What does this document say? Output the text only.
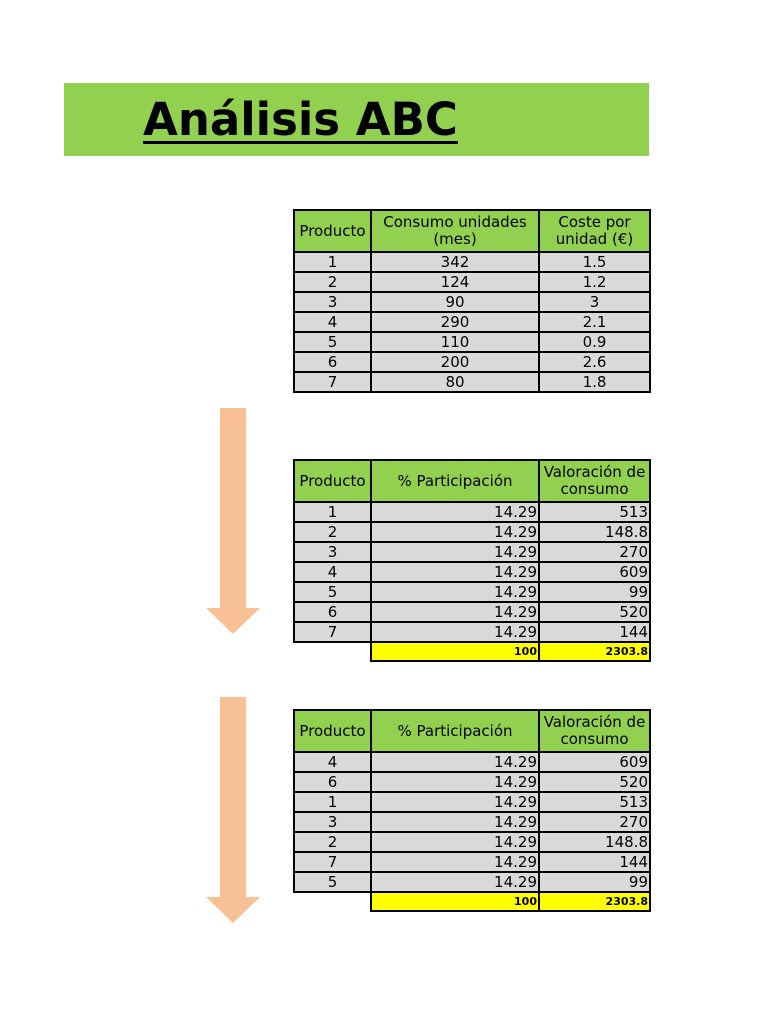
Análisis ABC
Producto	Consumo unidades (mes)	Coste por unidad (€)
1	342	1.5
2	124	1.2
3	90	3
4	290	2.1
5	110	0.9
6	200	2.6
7	80	1.8
Producto	% Participación	Valoración de consumo
1	14.29	513
2	14.29	148.8
3	14.29	270
4	14.29	609
5	14.29	99
6	14.29	520
7	14.29	144
	100	2303.8
Producto	% Participación	Valoración de consumo
4	14.29	609
6	14.29	520
1	14.29	513
3	14.29	270
2	14.29	148.8
7	14.29	144
5	14.29	99
	100	2303.8
